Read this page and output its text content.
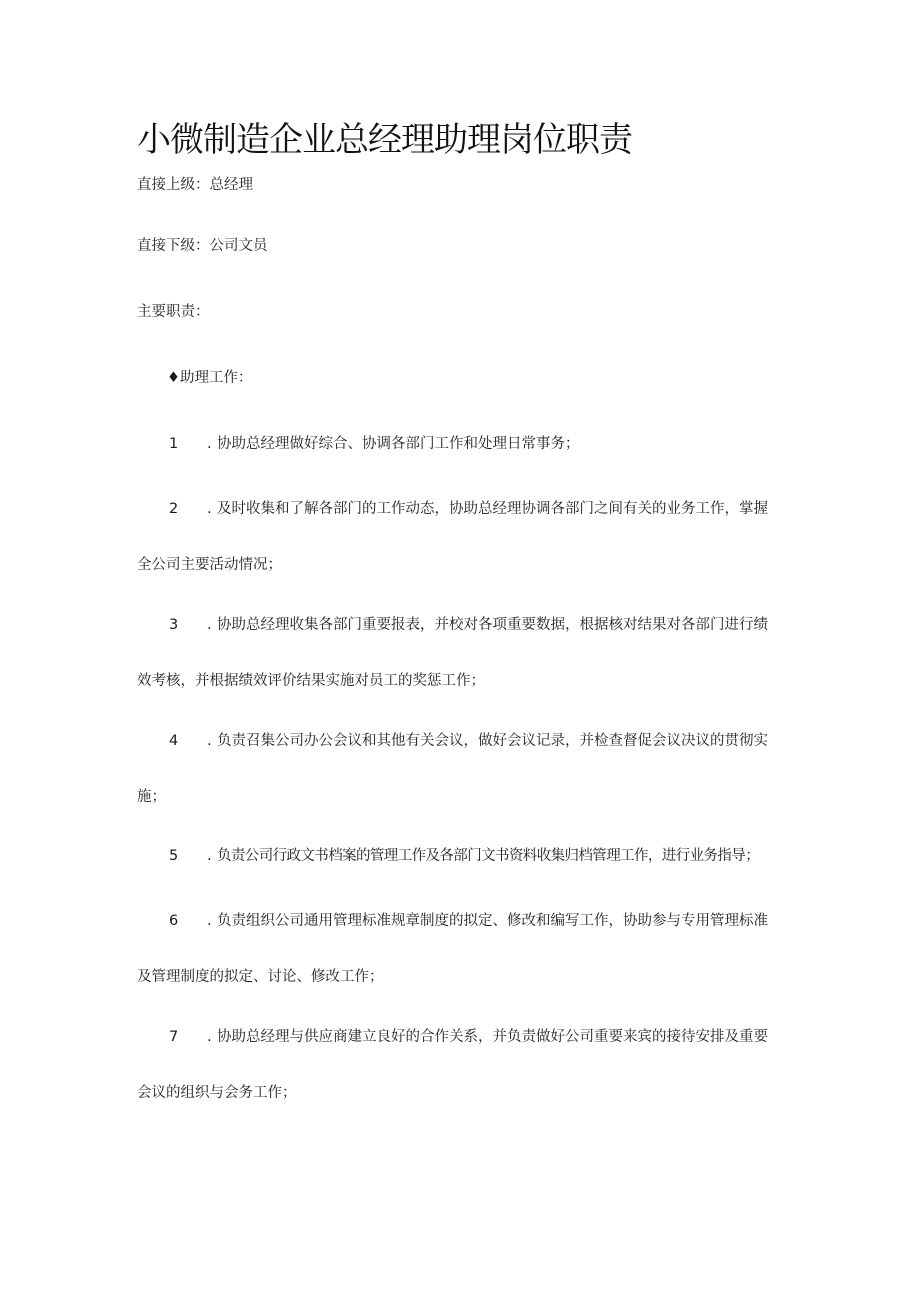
小微制造企业总经理助理岗位职责

直接上级：总经理

直接下级：公司文员

主要职责：

♦助理工作：

1 . 协助总经理做好综合、协调各部门工作和处理日常事务；
2 . 及时收集和了解各部门的工作动态，协助总经理协调各部门之间有关的业务工作，掌握
全公司主要活动情况；
3 . 协助总经理收集各部门重要报表，并校对各项重要数据，根据核对结果对各部门进行绩
效考核，并根据绩效评价结果实施对员工的奖惩工作；
4 . 负责召集公司办公会议和其他有关会议，做好会议记录，并检查督促会议决议的贯彻实
施；
5 . 负责公司行政文书档案的管理工作及各部门文书资料收集归档管理工作，进行业务指导；
6 . 负责组织公司通用管理标准规章制度的拟定、修改和编写工作，协助参与专用管理标准
及管理制度的拟定、讨论、修改工作；
7 . 协助总经理与供应商建立良好的合作关系，并负责做好公司重要来宾的接待安排及重要
会议的组织与会务工作；
